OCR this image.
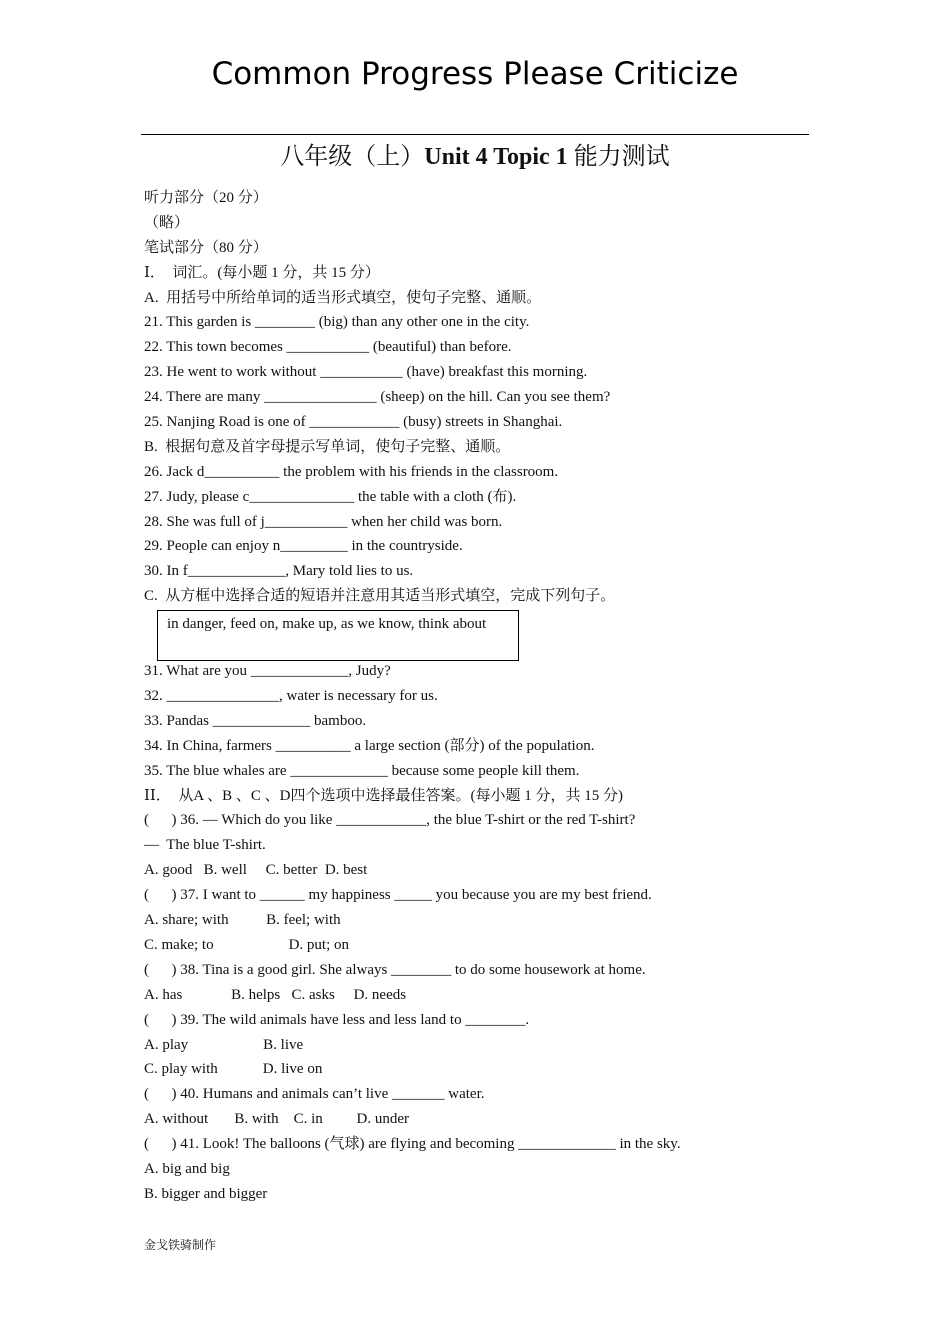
Common Progress Please Criticize
八年级（上）Unit 4 Topic 1 能力测试
听力部分（20 分）
（略）
笔试部分（80 分）
Ⅰ．  词汇。(每小题 1 分，共 15 分）
A.  用括号中所给单词的适当形式填空，使句子完整、通顺。
21. This garden is ________ (big) than any other one in the city.
22. This town becomes ___________ (beautiful) than before.
23. He went to work without ___________ (have) breakfast this morning.
24. There are many _______________ (sheep) on the hill. Can you see them?
25. Nanjing Road is one of ____________ (busy) streets in Shanghai.
B.  根据句意及首字母提示写单词，使句子完整、通顺。
26. Jack d__________ the problem with his friends in the classroom.
27. Judy, please c______________ the table with a cloth (布).
28. She was full of j___________ when her child was born.
29. People can enjoy n_________ in the countryside.
30. In f_____________, Mary told lies to us.
C.  从方框中选择合适的短语并注意用其适当形式填空，完成下列句子。
in danger, feed on, make up, as we know, think about
31. What are you _____________, Judy?
32. _______________, water is necessary for us.
33. Pandas _____________ bamboo.
34. In China, farmers __________ a large section (部分) of the population.
35. The blue whales are _____________ because some people kill them.
ⅠⅠ．  从A 、B 、C 、D四个选项中选择最佳答案。(每小题 1 分，共 15 分)
(      ) 36. — Which do you like ____________, the blue T-shirt or the red T-shirt?
—  The blue T-shirt.
A. good   B. well     C. better  D. best
(      ) 37. I want to ______ my happiness _____ you because you are my best friend.
A. share; with          B. feel; with
C. make; to                    D. put; on
(      ) 38. Tina is a good girl. She always ________ to do some housework at home.
A. has             B. helps   C. asks     D. needs
(      ) 39. The wild animals have less and less land to ________.
A. play                    B. live
C. play with            D. live on
(      ) 40. Humans and animals can’t live _______ water.
A. without       B. with    C. in         D. under
(      ) 41. Look! The balloons (气球) are flying and becoming _____________ in the sky.
A. big and big
B. bigger and bigger
金戈铁骑制作
